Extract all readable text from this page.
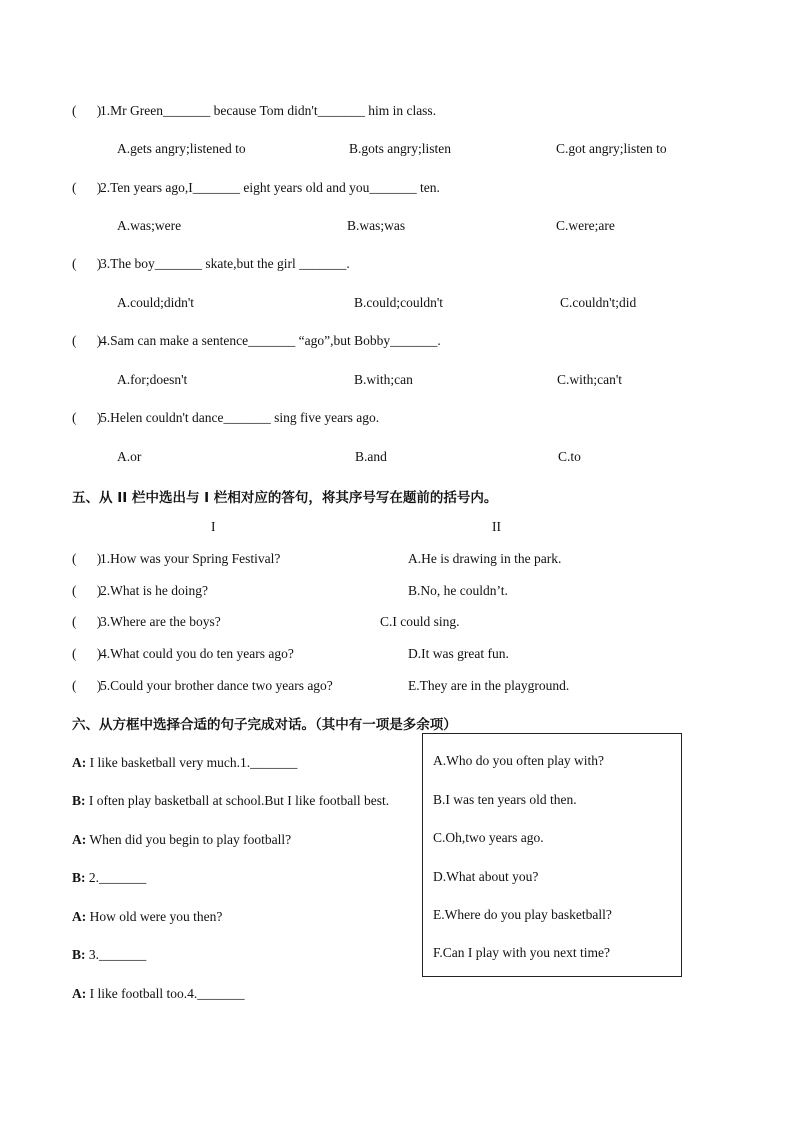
(      )
1.Mr Green_______ because Tom didn't_______ him in class.
A.gets angry;listened to	B.gots angry;listen	C.got angry;listen to
(      )
2.Ten years ago,I_______ eight years old and you_______ ten.
A.was;were	B.was;was	C.were;are
(      )
3.The boy_______ skate,but the girl _______.
A.could;didn't	B.could;couldn't	C.couldn't;did
(      )
4.Sam can make a sentence_______ “ago”,but Bobby_______.
A.for;doesn't	B.with;can	C.with;can't
(      )
5.Helen couldn't dance_______ sing five years ago.
A.or	B.and	C.to
五、从 II 栏中选出与 I 栏相对应的答句，将其序号写在题前的括号内。
I	II
(      )
1.How was your Spring Festival?	A.He is drawing in the park.
(      )
2.What is he doing?	B.No, he couldn’t.
(      )
3.Where are the boys?	C.I could sing.
(      )
4.What could you do ten years ago?	D.It was great fun.
(      )
5.Could your brother dance two years ago?	E.They are in the playground.
六、从方框中选择合适的句子完成对话。（其中有一项是多余项）
A: I like basketball very much.1._______
B: I often play basketball at school.But I like football best.
A: When did you begin to play football?
B: 2._______
A: How old were you then?
B: 3._______
A: I like football too.4._______
A.Who do you often play with?
B.I was ten years old then.
C.Oh,two years ago.
D.What about you?
E.Where do you play basketball?
F.Can I play with you next time?
